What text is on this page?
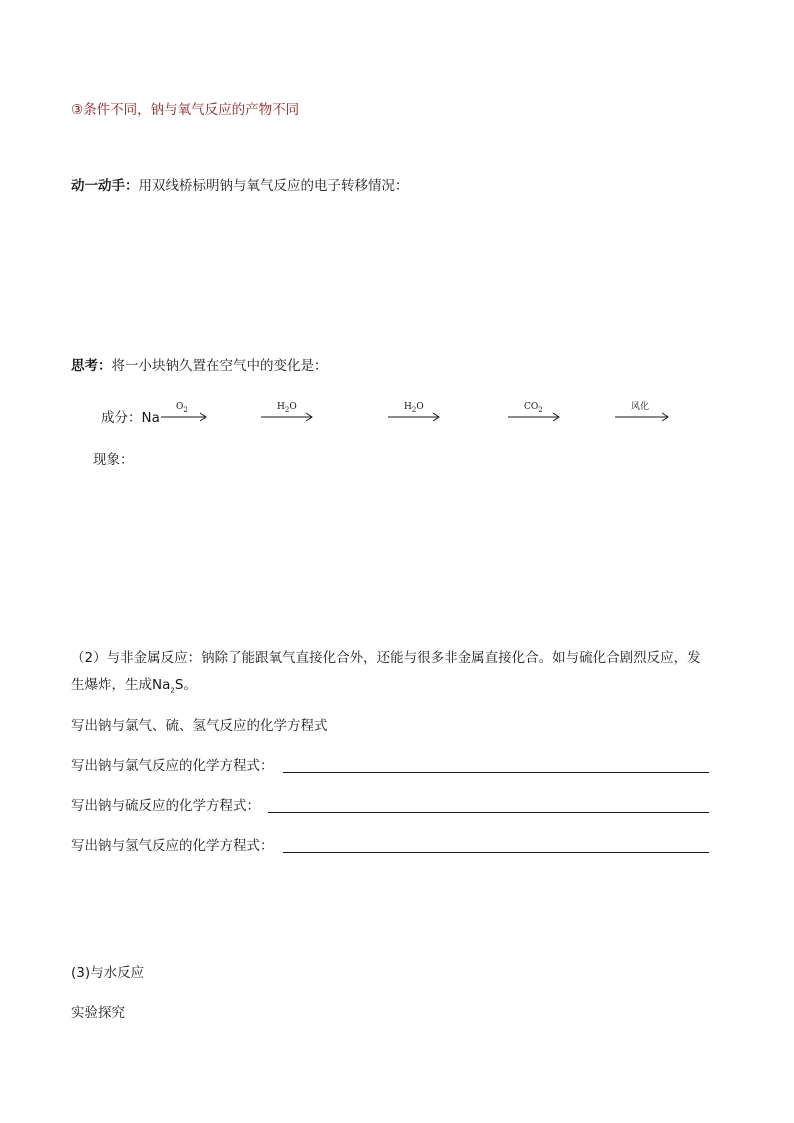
③条件不同，钠与氧气反应的产物不同
动一动手：用双线桥标明钠与氧气反应的电子转移情况：
思考：将一小块钠久置在空气中的变化是：
成分：Na
$O_2$	$H_2O$	$H_2O$	$CO_2$	风化
现象：
（2）与非金属反应：钠除了能跟氧气直接化合外，还能与很多非金属直接化合。如与硫化合剧烈反应，发
生爆炸，生成$Na_2S$。
写出钠与氯气、硫、氢气反应的化学方程式
写出钠与氯气反应的化学方程式：
写出钠与硫反应的化学方程式：
写出钠与氢气反应的化学方程式：
(3)与水反应
实验探究
